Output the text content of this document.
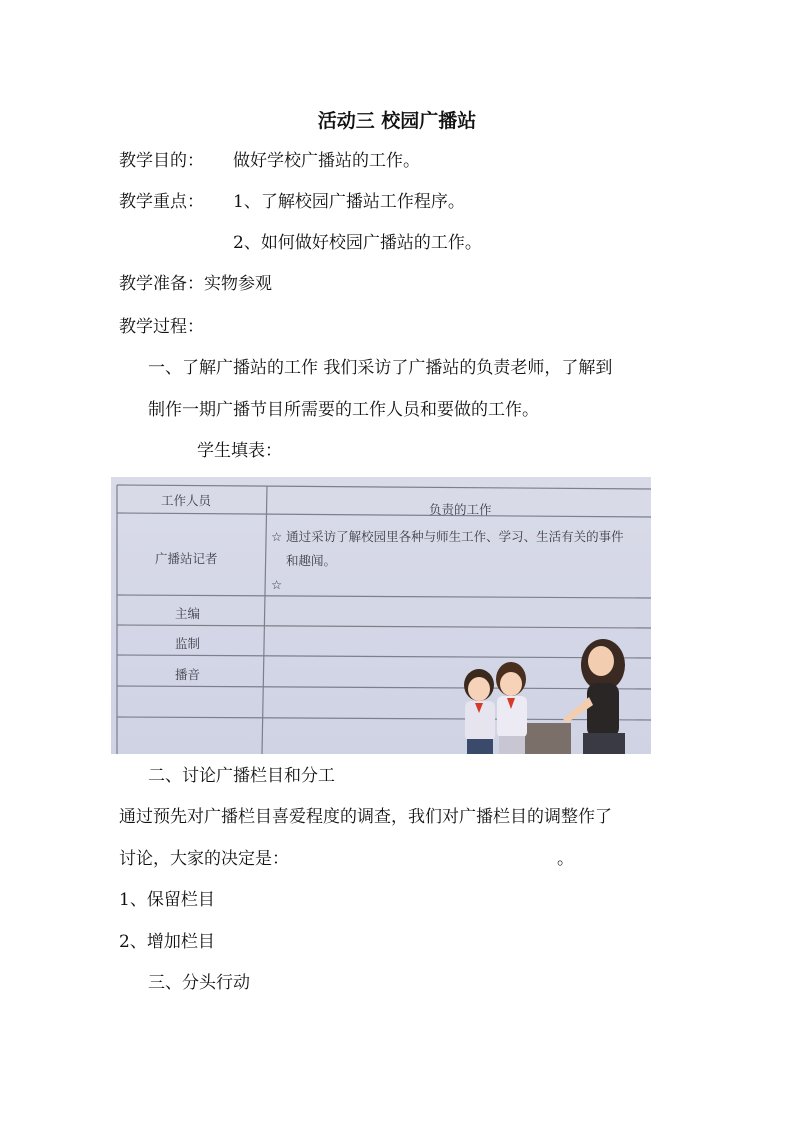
活动三 校园广播站
教学目的： 做好学校广播站的工作。
教学重点： 1、了解校园广播站工作程序。
2、如何做好校园广播站的工作。
教学准备：实物参观
教学过程：
一、了解广播站的工作 我们采访了广播站的负责老师，了解到
制作一期广播节目所需要的工作人员和要做的工作。
学生填表：
工作人员
负责的工作
广播站记者
☆ 通过采访了解校园里各种与师生工作、学习、生活有关的事件
和趣闻。
☆
主编
监制
播音
二、讨论广播栏目和分工
通过预先对广播栏目喜爱程度的调查，我们对广播栏目的调整作了
讨论，大家的决定是：	。
1、保留栏目
2、增加栏目
三、分头行动
